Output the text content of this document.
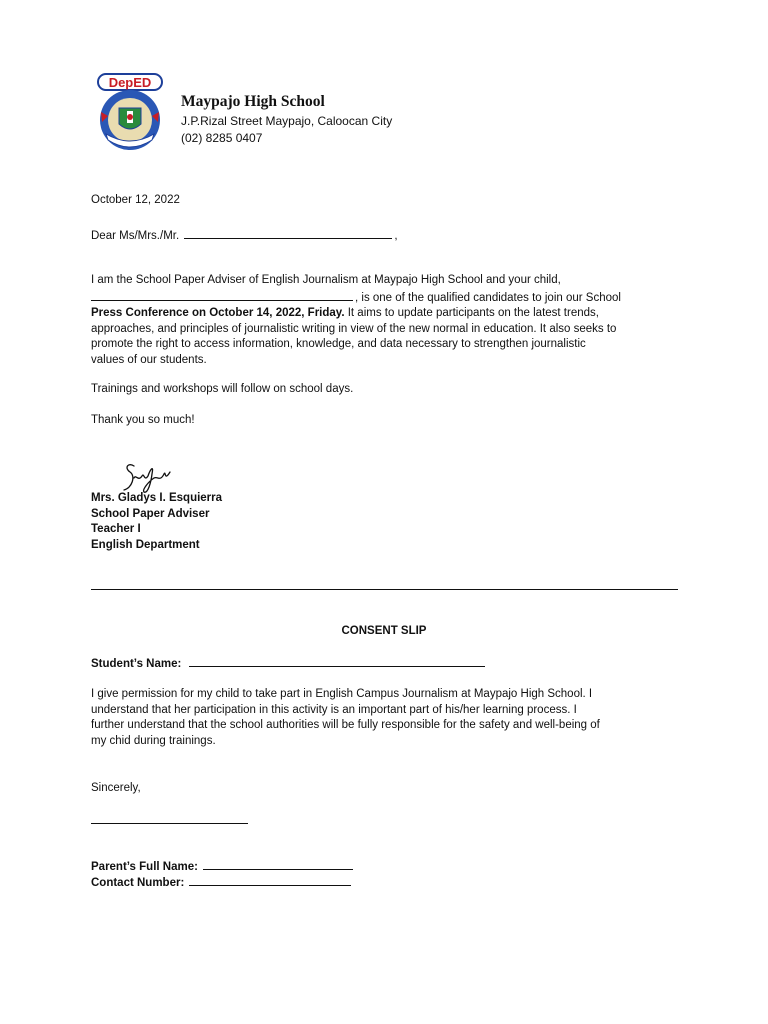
DepED
Maypajo High School
J.P.Rizal Street Maypajo, Caloocan City
(02) 8285 0407
October 12, 2022
Dear Ms/Mrs./Mr.	,
I am the School Paper Adviser of English Journalism at Maypajo High School and your child,
, is one of the qualified candidates to join our School
Press Conference on October 14, 2022, Friday. It aims to update participants on the latest trends,
approaches, and principles of journalistic writing in view of the new normal in education. It also seeks to
promote the right to access information, knowledge, and data necessary to strengthen journalistic
values of our students.
Trainings and workshops will follow on school days.
Thank you so much!
Mrs. Gladys I. Esquierra
School Paper Adviser
Teacher I
English Department
CONSENT SLIP
Student’s Name:
I give permission for my child to take part in English Campus Journalism at Maypajo High School. I
understand that her participation in this activity is an important part of his/her learning process. I
further understand that the school authorities will be fully responsible for the safety and well-being of
my chid during trainings.
Sincerely,
Parent’s Full Name:
Contact Number:
